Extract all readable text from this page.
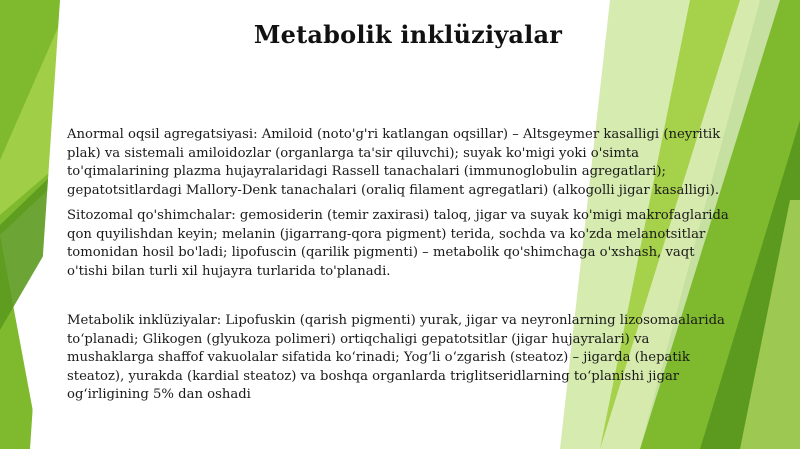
Metabolik inklüziyalar

Anormal oqsil agregatsiyasi: Amiloid (noto'g'ri katlangan oqsillar) – Altsgeymer kasalligi (neyritik plak) va sistemali amiloidozlar (organlarga ta'sir qiluvchi); suyak ko'migi yoki o'simta to'qimalarining plazma hujayralaridagi Rassell tanachalari (immunoglobulin agregatlari); gepatotsitlardagi Mallory-Denk tanachalari (oraliq filament agregatlari) (alkogolli jigar kasalligi).

Sitozomal qo'shimchalar: gemosiderin (temir zaxirasi) taloq, jigar va suyak ko'migi makrofaglarida qon quyilishdan keyin; melanin (jigarrang-qora pigment) terida, sochda va ko'zda melanotsitlar tomonidan hosil bo'ladi; lipofuscin (qarilik pigmenti) – metabolik qo'shimchaga o'xshash, vaqt o'tishi bilan turli xil hujayra turlarida to'planadi.

Metabolik inklüziyalar: Lipofuskin (qarish pigmenti) yurak, jigar va neyronlarning lizosomaalarida to‘planadi; Glikogen (glyukoza polimeri) ortiqchaligi gepatotsitlar (jigar hujayralari) va mushaklarga shaffof vakuolalar sifatida ko‘rinadi; Yog‘li o‘zgarish (steatoz) – jigarda (hepatik steatoz), yurakda (kardial steatoz) va boshqa organlarda triglitseridlarning to‘planishi jigar og‘irligining 5% dan oshadi
